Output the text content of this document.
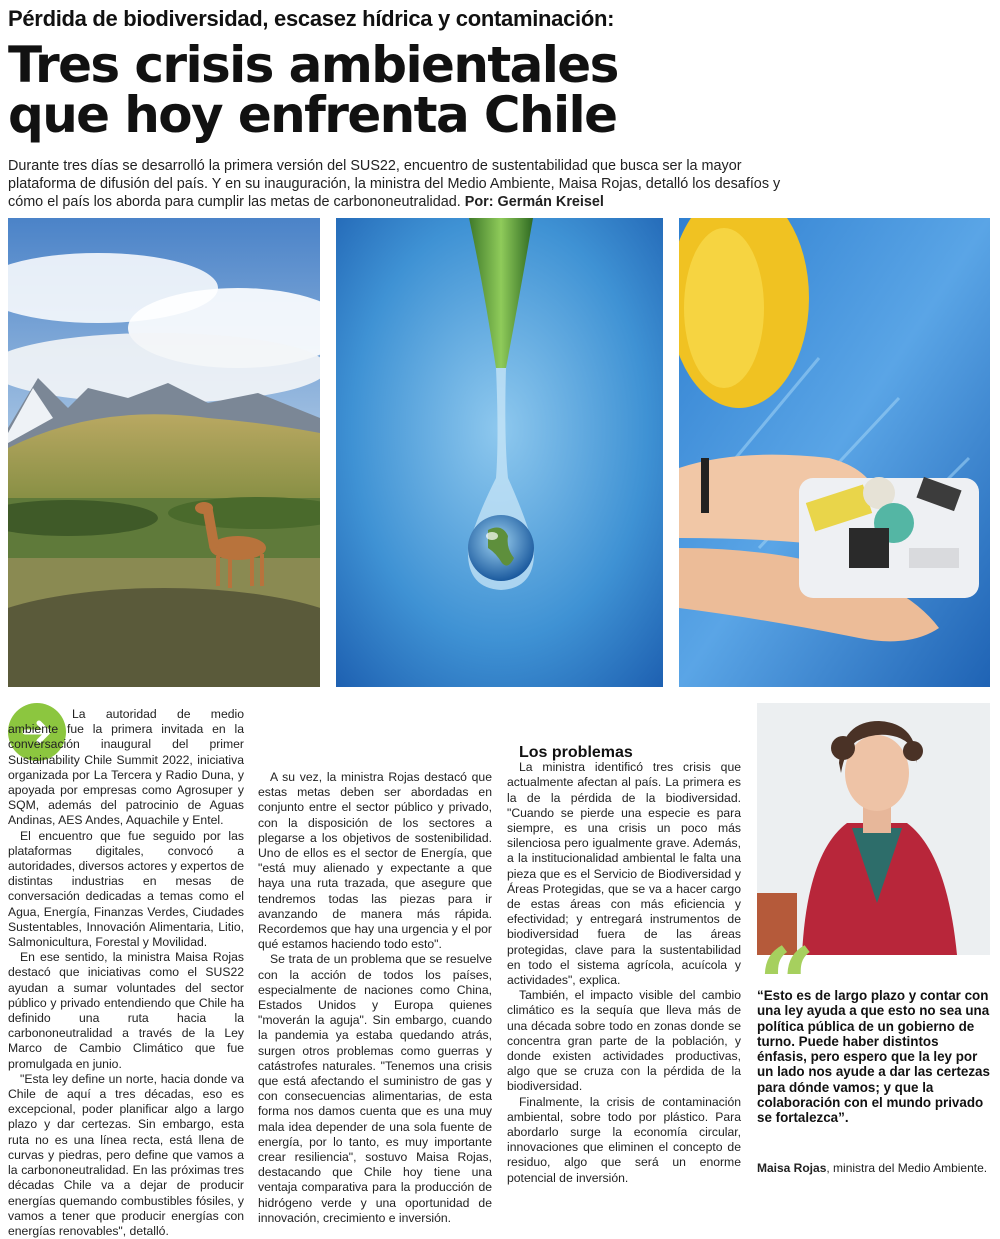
Pérdida de biodiversidad, escasez hídrica y contaminación:
Tres crisis ambientales
que hoy enfrenta Chile
Durante tres días se desarrolló la primera versión del SUS22, encuentro de sustentabilidad que busca ser la mayor plataforma de difusión del país. Y en su inauguración, la ministra del Medio Ambiente, Maisa Rojas, detalló los desafíos y cómo el país los aborda para cumplir las metas de carbononeutralidad. Por: Germán Kreisel

La autoridad de medio ambiente fue la primera invitada en la conversación inaugural del primer Sustainability Chile Summit 2022, iniciativa organizada por La Tercera y Radio Duna, y apoyada por empresas como Agrosuper y SQM, además del patrocinio de Aguas Andinas, AES Andes, Aquachile y Entel.

El encuentro que fue seguido por las plataformas digitales, convocó a autoridades, diversos actores y expertos de distintas industrias en mesas de conversación dedicadas a temas como el Agua, Energía, Finanzas Verdes, Ciudades Sustentables, Innovación Alimentaria, Litio, Salmonicultura, Forestal y Movilidad.

En ese sentido, la ministra Maisa Rojas destacó que iniciativas como el SUS22 ayudan a sumar voluntades del sector público y privado entendiendo que Chile ha definido una ruta hacia la carbononeutralidad a través de la Ley Marco de Cambio Climático que fue promulgada en junio.

"Esta ley define un norte, hacia donde va Chile de aquí a tres décadas, eso es excepcional, poder planificar algo a largo plazo y dar certezas. Sin embargo, esta ruta no es una línea recta, está llena de curvas y piedras, pero define que vamos a la carbononeutralidad. En las próximas tres décadas Chile va a dejar de producir energías quemando combustibles fósiles, y vamos a tener que producir energías con energías renovables", detalló.

A su vez, la ministra Rojas destacó que estas metas deben ser abordadas en conjunto entre el sector público y privado, con la disposición de los sectores a plegarse a los objetivos de sostenibilidad. Uno de ellos es el sector de Energía, que "está muy alienado y expectante a que haya una ruta trazada, que asegure que tendremos todas las piezas para ir avanzando de manera más rápida. Recordemos que hay una urgencia y el por qué estamos haciendo todo esto".

Se trata de un problema que se resuelve con la acción de todos los países, especialmente de naciones como China, Estados Unidos y Europa quienes "moverán la aguja". Sin embargo, cuando la pandemia ya estaba quedando atrás, surgen otros problemas como guerras y catástrofes naturales. "Tenemos una crisis que está afectando el suministro de gas y con consecuencias alimentarias, de esta forma nos damos cuenta que es una muy mala idea depender de una sola fuente de energía, por lo tanto, es muy importante crear resiliencia", sostuvo Maisa Rojas, destacando que Chile hoy tiene una ventaja comparativa para la producción de hidrógeno verde y una oportunidad de innovación, crecimiento e inversión.

Los problemas

La ministra identificó tres crisis que actualmente afectan al país. La primera es la de la pérdida de la biodiversidad. "Cuando se pierde una especie es para siempre, es una crisis un poco más silenciosa pero igualmente grave. Además, a la institucionalidad ambiental le falta una pieza que es el Servicio de Biodiversidad y Áreas Protegidas, que se va a hacer cargo de estas áreas con más eficiencia y efectividad; y entregará instrumentos de biodiversidad fuera de las áreas protegidas, clave para la sustentabilidad en todo el sistema agrícola, acuícola y actividades", explica.

También, el impacto visible del cambio climático es la sequía que lleva más de una década sobre todo en zonas donde se concentra gran parte de la población, y donde existen actividades productivas, algo que se cruza con la pérdida de la biodiversidad.

Finalmente, la crisis de contaminación ambiental, sobre todo por plástico. Para abordarlo surge la economía circular, innovaciones que eliminen el concepto de residuo, algo que será un enorme potencial de inversión.

“
“Esto es de largo plazo y contar con una ley ayuda a que esto no sea una política pública de un gobierno de turno. Puede haber distintos énfasis, pero espero que la ley por un lado nos ayude a dar las certezas para dónde vamos; y que la colaboración con el mundo privado se fortalezca”.
Maisa Rojas, ministra del Medio Ambiente.
